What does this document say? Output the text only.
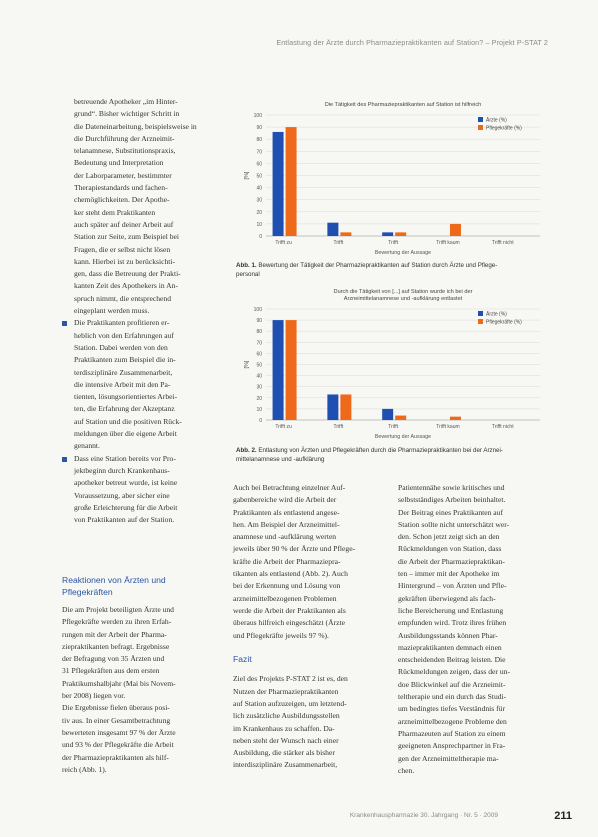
Entlastung der Ärzte durch Pharmaziepraktikanten auf Station? – Projekt P-STAT 2

betreuende Apotheker „im Hinter-

grund“. Bisher wichtiger Schritt in

die Dateneinarbeitung, beispielsweise in

die Durchführung der Arzneimit-

telanamnese, Substitutionspraxis,

Bedeutung und Interpretation

der Laborparameter, bestimmter

Therapiestandards und fachen-

chemöglichkeiten. Der Apothe-

ker steht dem Praktikanten

auch später auf deiner Arbeit auf

Station zur Seite, zum Beispiel bei

Fragen, die er selbst nicht lösen

kann. Hierbei ist zu berücksichti-

gen, dass die Betreuung der Prakti-

kanten Zeit des Apothekers in An-

spruch nimmt, die entsprechend

eingeplant werden muss.

Die Praktikanten profitieren er-

heblich von den Erfahrungen auf

Station. Dabei werden von den

Praktikanten zum Beispiel die in-

terdisziplinäre Zusammenarbeit,

die intensive Arbeit mit den Pa-

tienten, lösungsorientiertes Arbei-

ten, die Erfahrung der Akzeptanz

auf Station und die positiven Rück-

meldungen über die eigene Arbeit

genannt.

Dass eine Station bereits vor Pro-

jektbeginn durch Krankenhaus-

apotheker betreut wurde, ist keine

Voraussetzung, aber sicher eine

große Erleichterung für die Arbeit

von Praktikanten auf der Station.

Reaktionen von Ärzten und
Pflegekräften

Die am Projekt beteiligten Ärzte und

Pflegekräfte werden zu ihren Erfah-

rungen mit der Arbeit der Pharma-

ziepraktikanten befragt. Ergebnisse

der Befragung von 35 Ärzten und

31 Pflegekräften aus dem ersten

Praktikumshalbjahr (Mai bis Novem-

ber 2008) liegen vor.

Die Ergebnisse fielen überaus posi-

tiv aus. In einer Gesamtbetrachtung

bewerteten insgesamt 97 % der Ärzte

und 93 % der Pflegekräfte die Arbeit

der Pharmaziepraktikanten als hilf-

reich (Abb. 1).

Auch bei Betrachtung einzelner Auf-

gabenbereiche wird die Arbeit der

Praktikanten als entlastend angese-

hen. Am Beispiel der Arzneimittel-

anamnese und -aufklärung werten

jeweils über 90 % der Ärzte und Pflege-

kräfte die Arbeit der Pharmaziepra-

tikanten als entlastend (Abb. 2). Auch

bei der Erkennung und Lösung von

arzneimittelbezogenen Problemen

werde die Arbeit der Praktikanten als

überaus hilfreich eingeschätzt (Ärzte

und Pflegekräfte jeweils 97 %).

Fazit

Ziel des Projekts P-STAT 2 ist es, den

Nutzen der Pharmaziepraktikanten

auf Station aufzuzeigen, um letztend-

lich zusätzliche Ausbildungsstellen

im Krankenhaus zu schaffen. Da-

neben steht der Wunsch nach einer

Ausbildung, die stärker als bisher

interdisziplinäre Zusammenarbeit,

Patientennähe sowie kritisches und

selbstständiges Arbeiten beinhaltet.

Der Beitrag eines Praktikanten auf

Station sollte nicht unterschätzt wer-

den. Schon jetzt zeigt sich an den

Rückmeldungen von Station, dass

die Arbeit der Pharmaziepraktikan-

ten – immer mit der Apotheke im

Hintergrund – von Ärzten und Pfle-

gekräften überwiegend als fach-

liche Bereicherung und Entlastung

empfunden wird. Trotz ihres frühen

Ausbildungsstands können Phar-

maziepraktikanten demnach einen

entscheidenden Beitrag leisten. Die

Rückmeldungen zeigen, dass der un-

doe Blickwinkel auf die Arzneimit-

teltherapie und ein durch das Studi-

um bedingtes tiefes Verständnis für

arzneimittelbezogene Probleme den

Pharmazeuten auf Station zu einem

geeigneten Ansprechpartner in Fra-

gen der Arzneimitteltherapie ma-

chen.

Die Tätigkeit des Pharmaziepraktikanten auf Station ist hilfreich
0
10
20
30
40
50
60
70
80
90
100
[%]
Trifft zu	Trifft	Trifft	Trifft kaum	Trifft nicht
Bewertung der Aussage
Ärzte (%)
Pflegekräfte (%)
Abb. 1. Bewertung der Tätigkeit der Pharmaziepraktikanten auf Station durch Ärzte und Pflege-
personal
Durch die Tätigkeit von [...] auf Station wurde ich bei der
Arzneimittelanamnese und -aufklärung entlastet
0
10
20
30
40
50
60
70
80
90
100
[%]
Trifft zu	Trifft	Trifft	Trifft kaum	Trifft nicht
Bewertung der Aussage
Ärzte (%)
Pflegekräfte (%)
Abb. 2. Entlastung von Ärzten und Pflegekräften durch die Pharmaziepraktikanten bei der Arznei-
mittelanamnese und -aufklärung
Krankenhauspharmazie 30. Jahrgang · Nr. 5 · 2009	211
